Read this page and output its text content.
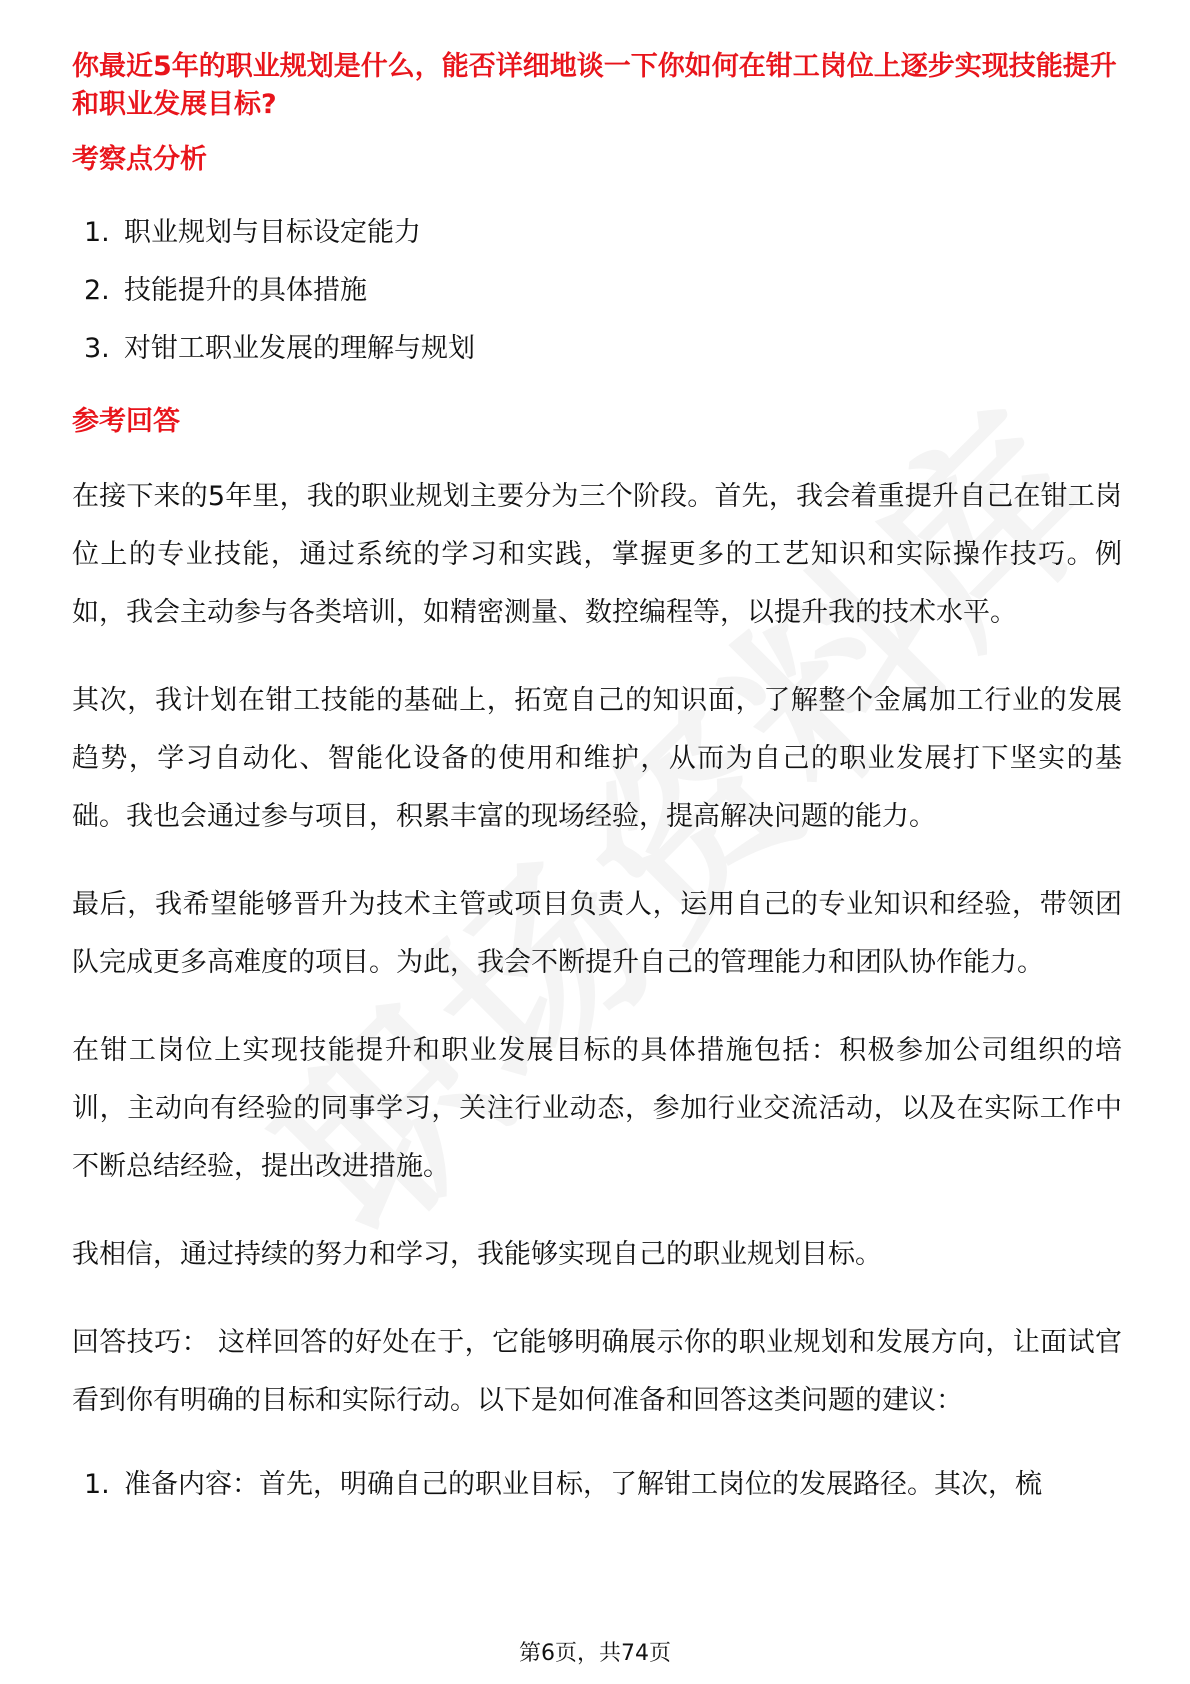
你最近5年的职业规划是什么，能否详细地谈一下你如何在钳工岗位上逐步实现技能提升和职业发展目标?

考察点分析
1. 职业规划与目标设定能力
2. 技能提升的具体措施
3. 对钳工职业发展的理解与规划
参考回答

在接下来的5年里，我的职业规划主要分为三个阶段。首先，我会着重提升自己在钳工岗位上的专业技能，通过系统的学习和实践，掌握更多的工艺知识和实际操作技巧。例如，我会主动参与各类培训，如精密测量、数控编程等，以提升我的技术水平。

其次，我计划在钳工技能的基础上，拓宽自己的知识面，了解整个金属加工行业的发展趋势，学习自动化、智能化设备的使用和维护，从而为自己的职业发展打下坚实的基础。我也会通过参与项目，积累丰富的现场经验，提高解决问题的能力。

最后，我希望能够晋升为技术主管或项目负责人，运用自己的专业知识和经验，带领团队完成更多高难度的项目。为此，我会不断提升自己的管理能力和团队协作能力。

在钳工岗位上实现技能提升和职业发展目标的具体措施包括：积极参加公司组织的培训，主动向有经验的同事学习，关注行业动态，参加行业交流活动，以及在实际工作中不断总结经验，提出改进措施。

我相信，通过持续的努力和学习，我能够实现自己的职业规划目标。

回答技巧： 这样回答的好处在于，它能够明确展示你的职业规划和发展方向，让面试官看到你有明确的目标和实际行动。以下是如何准备和回答这类问题的建议：

1. 准备内容：首先，明确自己的职业目标，了解钳工岗位的发展路径。其次，梳
第6页，共74页
